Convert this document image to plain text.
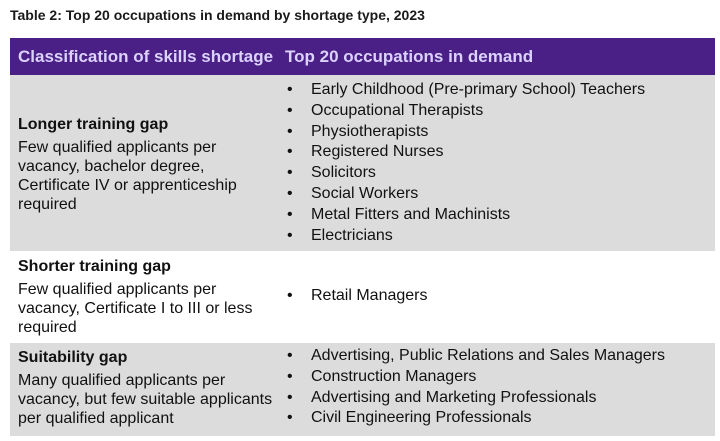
Table 2: Top 20 occupations in demand by shortage type, 2023
Classification of skills shortage Top 20 occupations in demand
Longer training gap
Few qualified applicants per vacancy, bachelor degree, Certificate IV or apprenticeship required
• Early Childhood (Pre-primary School) Teachers
• Occupational Therapists
• Physiotherapists
• Registered Nurses
• Solicitors
• Social Workers
• Metal Fitters and Machinists
• Electricians
Shorter training gap
Few qualified applicants per vacancy, Certificate I to III or less required
• Retail Managers
Suitability gap
Many qualified applicants per vacancy, but few suitable applicants per qualified applicant
• Advertising, Public Relations and Sales Managers
• Construction Managers
• Advertising and Marketing Professionals
• Civil Engineering Professionals
